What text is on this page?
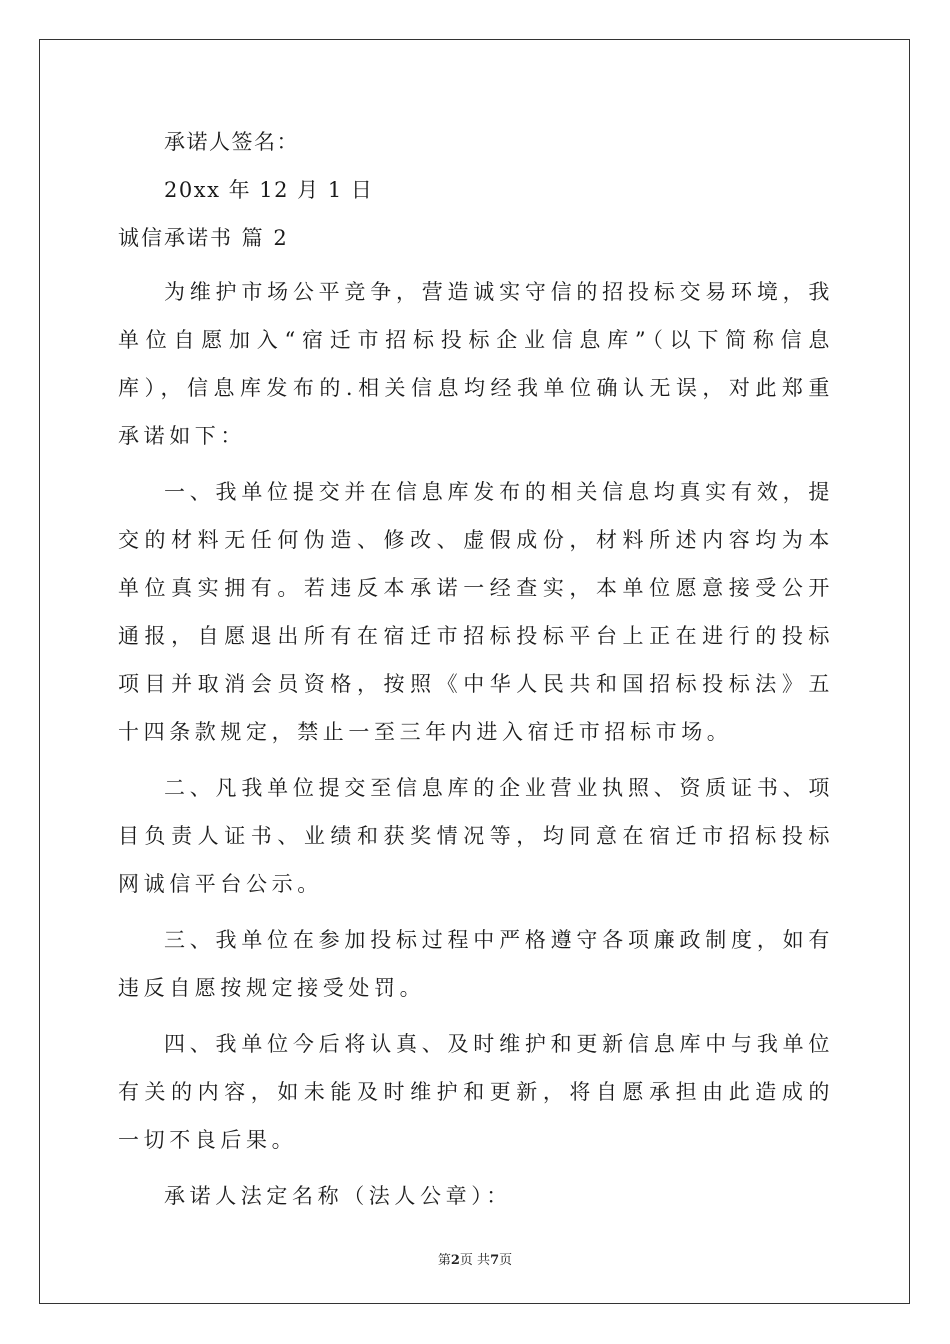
承诺人签名：
20xx 年 12 月 1 日
诚信承诺书 篇 2

为维护市场公平竞争，营造诚实守信的招投标交易环境，我单位自愿加入“宿迁市招标投标企业信息库”（以下简称信息库），信息库发布的.相关信息均经我单位确认无误，对此郑重承诺如下：

一、我单位提交并在信息库发布的相关信息均真实有效，提交的材料无任何伪造、修改、虚假成份，材料所述内容均为本单位真实拥有。若违反本承诺一经查实，本单位愿意接受公开通报，自愿退出所有在宿迁市招标投标平台上正在进行的投标项目并取消会员资格，按照《中华人民共和国招标投标法》五十四条款规定，禁止一至三年内进入宿迁市招标市场。

二、凡我单位提交至信息库的企业营业执照、资质证书、项目负责人证书、业绩和获奖情况等，均同意在宿迁市招标投标网诚信平台公示。

三、我单位在参加投标过程中严格遵守各项廉政制度，如有违反自愿按规定接受处罚。

四、我单位今后将认真、及时维护和更新信息库中与我单位有关的内容，如未能及时维护和更新，将自愿承担由此造成的一切不良后果。

承诺人法定名称（法人公章）：

第2页 共7页
